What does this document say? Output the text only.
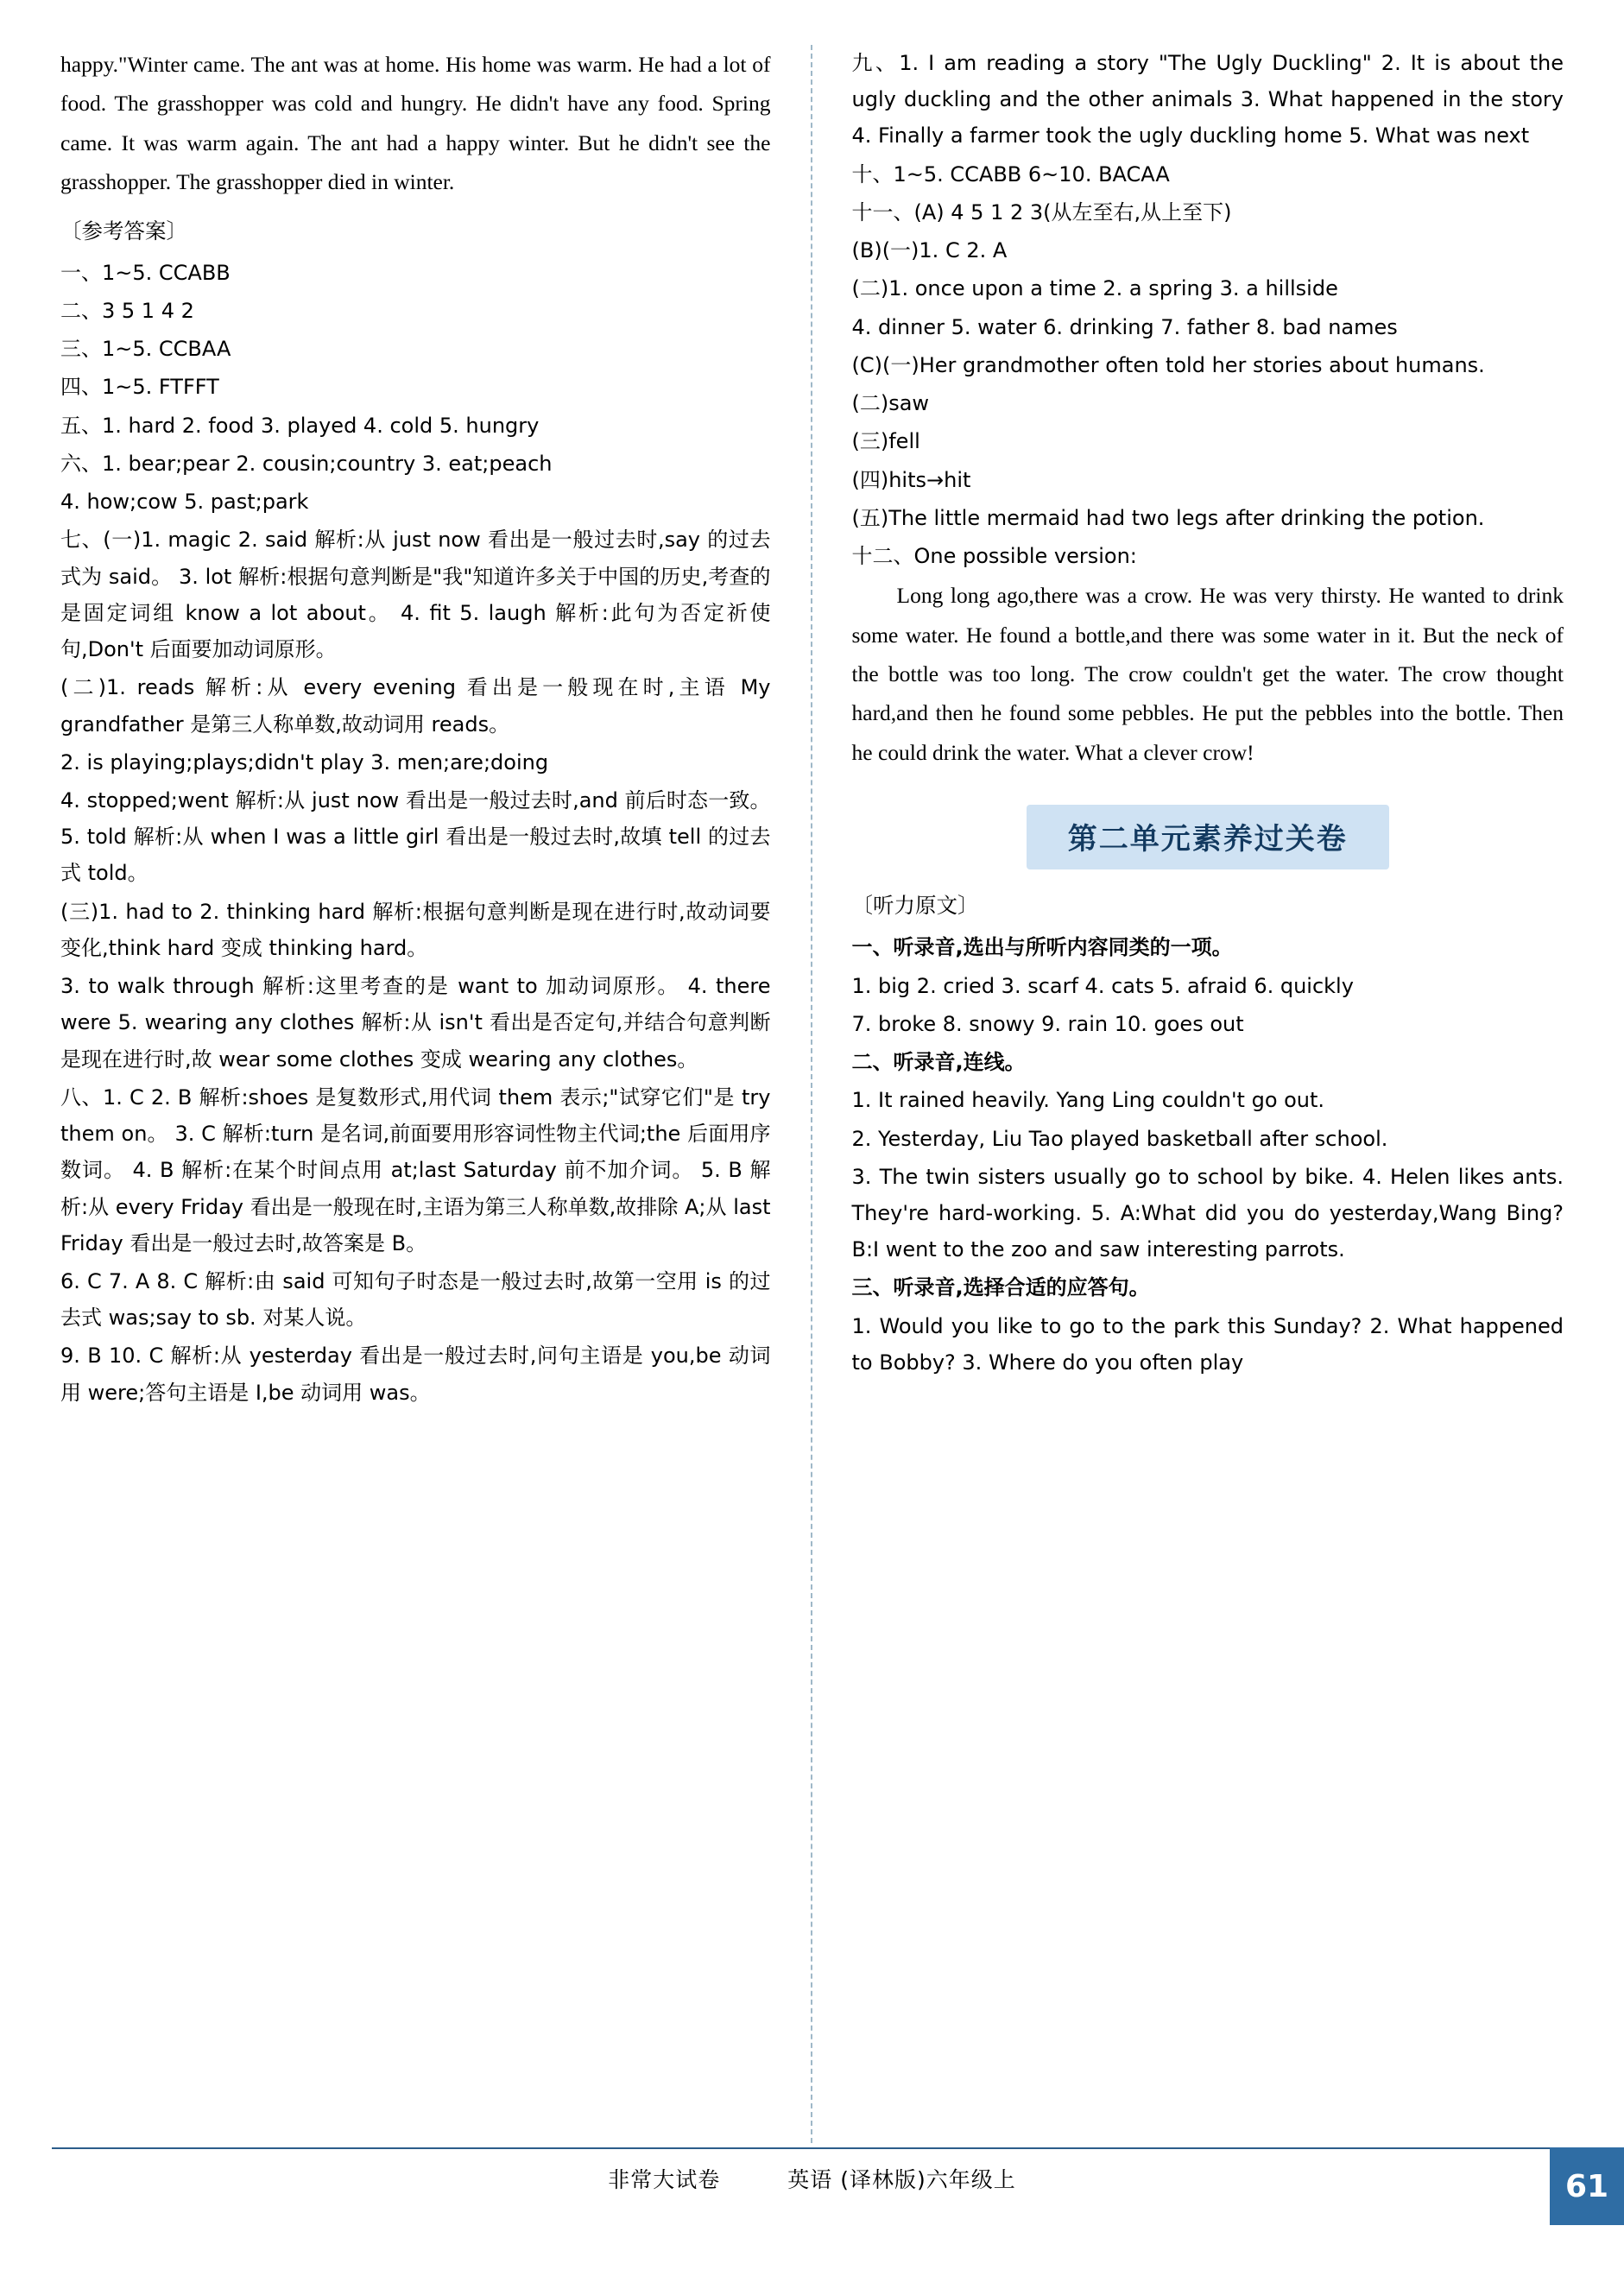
happy."Winter came. The ant was at home. His home was warm. He had a lot of food. The grasshopper was cold and hungry. He didn't have any food. Spring came. It was warm again. The ant had a happy winter. But he didn't see the grasshopper. The grasshopper died in winter.

〔参考答案〕

一、1~5. CCABB

二、3 5 1 4 2

三、1~5. CCBAA

四、1~5. FTFFT

五、1. hard 2. food 3. played 4. cold 5. hungry

六、1. bear;pear 2. cousin;country 3. eat;peach

4. how;cow 5. past;park

七、(一)1. magic 2. said 解析:从 just now 看出是一般过去时,say 的过去式为 said。 3. lot 解析:根据句意判断是"我"知道许多关于中国的历史,考查的是固定词组 know a lot about。 4. fit 5. laugh 解析:此句为否定祈使句,Don't 后面要加动词原形。

(二)1. reads 解析:从 every evening 看出是一般现在时,主语 My grandfather 是第三人称单数,故动词用 reads。

2. is playing;plays;didn't play 3. men;are;doing

4. stopped;went 解析:从 just now 看出是一般过去时,and 前后时态一致。 5. told 解析:从 when I was a little girl 看出是一般过去时,故填 tell 的过去式 told。

(三)1. had to 2. thinking hard 解析:根据句意判断是现在进行时,故动词要变化,think hard 变成 thinking hard。

3. to walk through 解析:这里考查的是 want to 加动词原形。 4. there were 5. wearing any clothes 解析:从 isn't 看出是否定句,并结合句意判断是现在进行时,故 wear some clothes 变成 wearing any clothes。

八、1. C 2. B 解析:shoes 是复数形式,用代词 them 表示;"试穿它们"是 try them on。 3. C 解析:turn 是名词,前面要用形容词性物主代词;the 后面用序数词。 4. B 解析:在某个时间点用 at;last Saturday 前不加介词。 5. B 解析:从 every Friday 看出是一般现在时,主语为第三人称单数,故排除 A;从 last Friday 看出是一般过去时,故答案是 B。

6. C 7. A 8. C 解析:由 said 可知句子时态是一般过去时,故第一空用 is 的过去式 was;say to sb. 对某人说。

9. B 10. C 解析:从 yesterday 看出是一般过去时,问句主语是 you,be 动词用 were;答句主语是 I,be 动词用 was。

九、1. I am reading a story "The Ugly Duckling" 2. It is about the ugly duckling and the other animals 3. What happened in the story 4. Finally a farmer took the ugly duckling home 5. What was next

十、1~5. CCABB 6~10. BACAA

十一、(A) 4 5 1 2 3(从左至右,从上至下)

(B)(一)1. C 2. A

(二)1. once upon a time 2. a spring 3. a hillside

4. dinner 5. water 6. drinking 7. father 8. bad names

(C)(一)Her grandmother often told her stories about humans.

(二)saw

(三)fell

(四)hits→hit

(五)The little mermaid had two legs after drinking the potion.

十二、One possible version:

Long long ago,there was a crow. He was very thirsty. He wanted to drink some water. He found a bottle,and there was some water in it. But the neck of the bottle was too long. The crow couldn't get the water. The crow thought hard,and then he found some pebbles. He put the pebbles into the bottle. Then he could drink the water. What a clever crow!

第二单元素养过关卷
〔听力原文〕

一、听录音,选出与所听内容同类的一项。

1. big 2. cried 3. scarf 4. cats 5. afraid 6. quickly

7. broke 8. snowy 9. rain 10. goes out

二、听录音,连线。

1. It rained heavily. Yang Ling couldn't go out.

2. Yesterday, Liu Tao played basketball after school.

3. The twin sisters usually go to school by bike. 4. Helen likes ants. They're hard-working. 5. A:What did you do yesterday,Wang Bing? B:I went to the zoo and saw interesting parrots.

三、听录音,选择合适的应答句。

1. Would you like to go to the park this Sunday? 2. What happened to Bobby? 3. Where do you often play

非常大试卷	英语 (译林版)六年级上	61
